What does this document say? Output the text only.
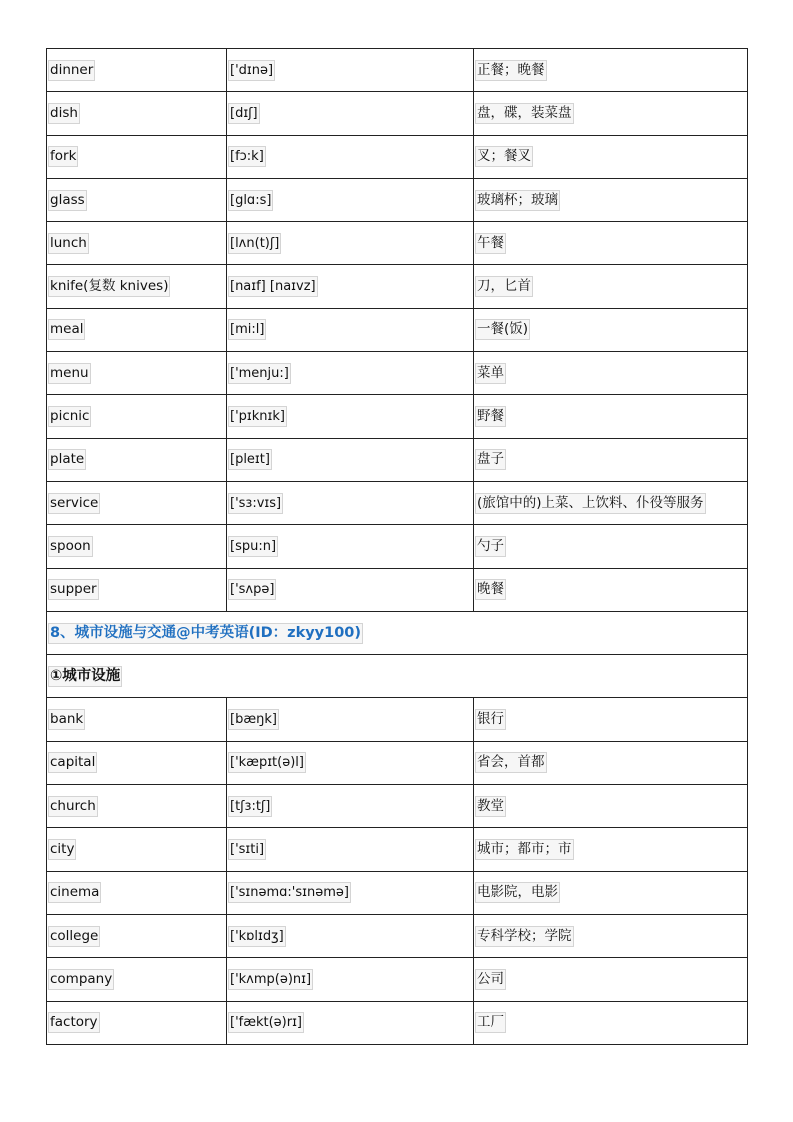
dinner	['dɪnə]	正餐；晚餐
dish	[dɪʃ]	盘，碟，装菜盘
fork	[fɔ:k]	叉；餐叉
glass	[glɑ:s]	玻璃杯；玻璃
lunch	[lʌn(t)ʃ]	午餐
knife(复数 knives)	[naɪf] [naɪvz]	刀，匕首
meal	[mi:l]	一餐(饭)
menu	['menju:]	菜单
picnic	['pɪknɪk]	野餐
plate	[pleɪt]	盘子
service	['sɜ:vɪs]	(旅馆中的)上菜、上饮料、仆役等服务
spoon	[spu:n]	勺子
supper	['sʌpə]	晚餐
8、城市设施与交通@中考英语(ID：zkyy100)		
①城市设施		
bank	[bæŋk]	银行
capital	['kæpɪt(ə)l]	省会，首都
church	[tʃɜ:tʃ]	教堂
city	['sɪti]	城市；都市；市
cinema	['sɪnəmɑ:'sɪnəmə]	电影院，电影
college	['kɒlɪdʒ]	专科学校；学院
company	['kʌmp(ə)nɪ]	公司
factory	['fækt(ə)rɪ]	工厂
